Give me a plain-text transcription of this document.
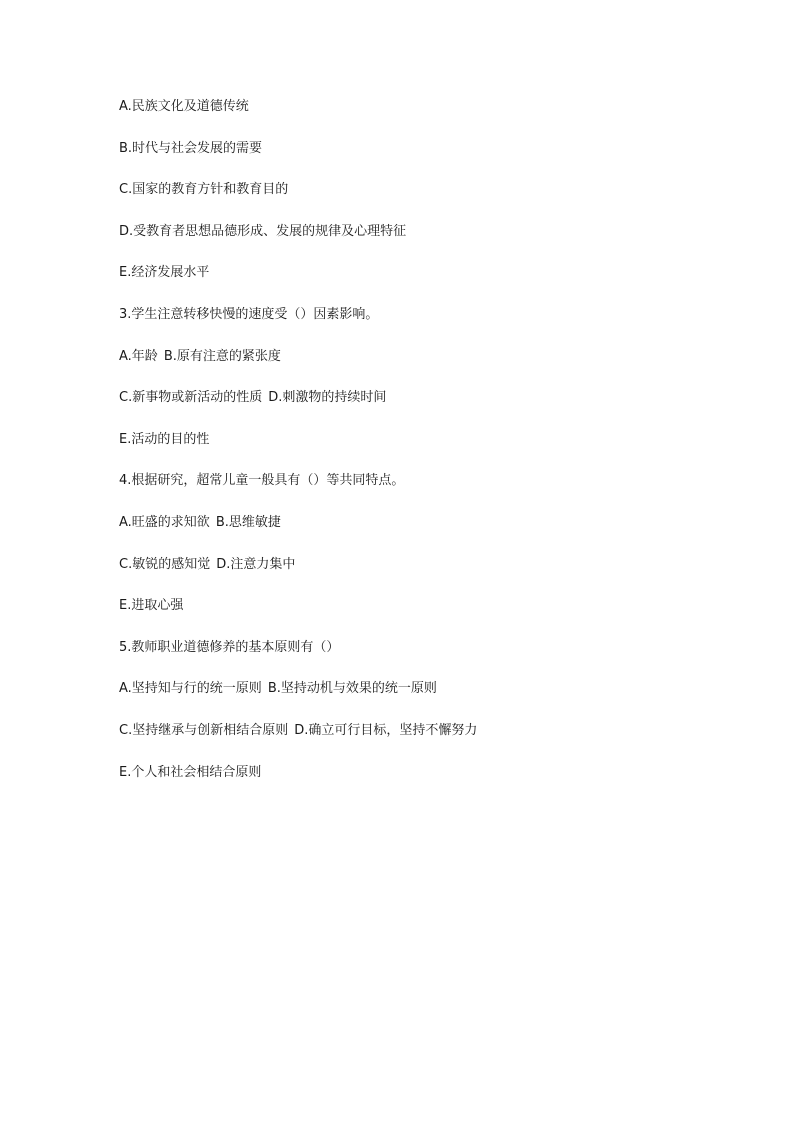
A.民族文化及道德传统
B.时代与社会发展的需要
C.国家的教育方针和教育目的
D.受教育者思想品德形成、发展的规律及心理特征
E.经济发展水平
3.学生注意转移快慢的速度受（）因素影响。
A.年龄 B.原有注意的紧张度
C.新事物或新活动的性质 D.刺激物的持续时间
E.活动的目的性
4.根据研究，超常儿童一般具有（）等共同特点。
A.旺盛的求知欲 B.思维敏捷
C.敏锐的感知觉 D.注意力集中
E.进取心强
5.教师职业道德修养的基本原则有（）
A.坚持知与行的统一原则 B.坚持动机与效果的统一原则
C.坚持继承与创新相结合原则 D.确立可行目标，坚持不懈努力
E.个人和社会相结合原则
